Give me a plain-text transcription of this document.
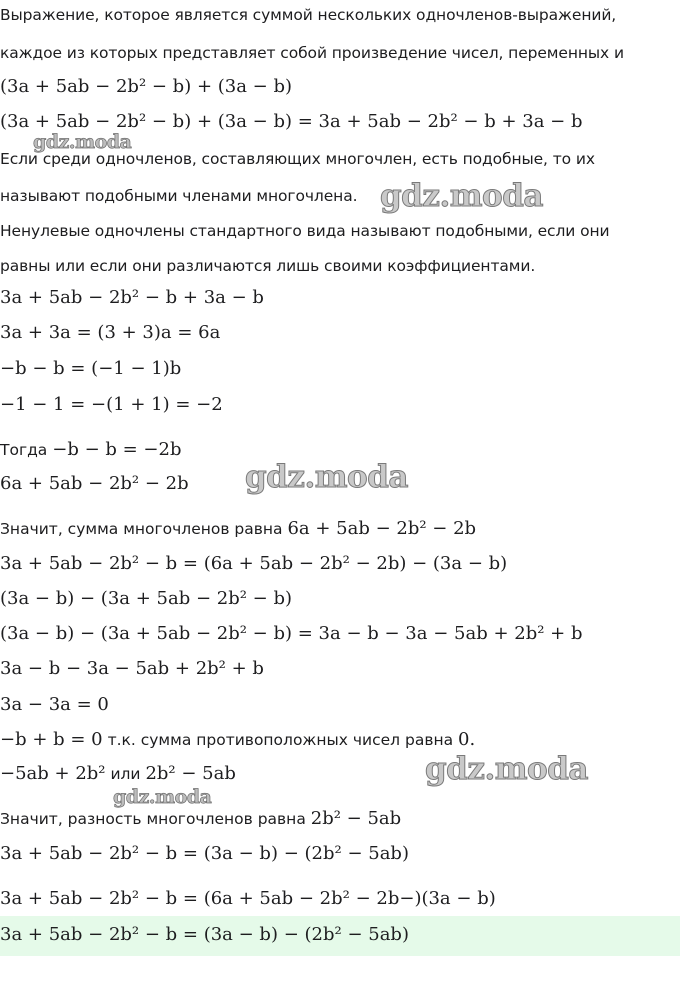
Выражение, которое является суммой нескольких одночленов-выражений,
каждое из которых представляет собой произведение чисел, переменных и
(3a + 5ab − 2b² − b) + (3a − b)
(3a + 5ab − 2b² − b) + (3a − b) = 3a + 5ab − 2b² − b + 3a − b
Если среди одночленов, составляющих многочлен, есть подобные, то их
называют подобными членами многочлена.
Ненулевые одночлены стандартного вида называют подобными, если они
равны или если они различаются лишь своими коэффициентами.
3a + 5ab − 2b² − b + 3a − b
3a + 3a = (3 + 3)a = 6a
−b − b = (−1 − 1)b
−1 − 1 = −(1 + 1) = −2
Тогда −b − b = −2b
6a + 5ab − 2b² − 2b
Значит, сумма многочленов равна 6a + 5ab − 2b² − 2b
3a + 5ab − 2b² − b = (6a + 5ab − 2b² − 2b) − (3a − b)
(3a − b) − (3a + 5ab − 2b² − b)
(3a − b) − (3a + 5ab − 2b² − b) = 3a − b − 3a − 5ab + 2b² + b
3a − b − 3a − 5ab + 2b² + b
3a − 3a = 0
−b + b = 0 т.к. сумма противоположных чисел равна 0.
−5ab + 2b² или 2b² − 5ab
Значит, разность многочленов равна 2b² − 5ab
3a + 5ab − 2b² − b = (3a − b) − (2b² − 5ab)
3a + 5ab − 2b² − b = (6a + 5ab − 2b² − 2b−)(3a − b)
3a + 5ab − 2b² − b = (3a − b) − (2b² − 5ab)
gdz.moda
gdz.moda
gdz.moda
gdz.moda
gdz.moda
